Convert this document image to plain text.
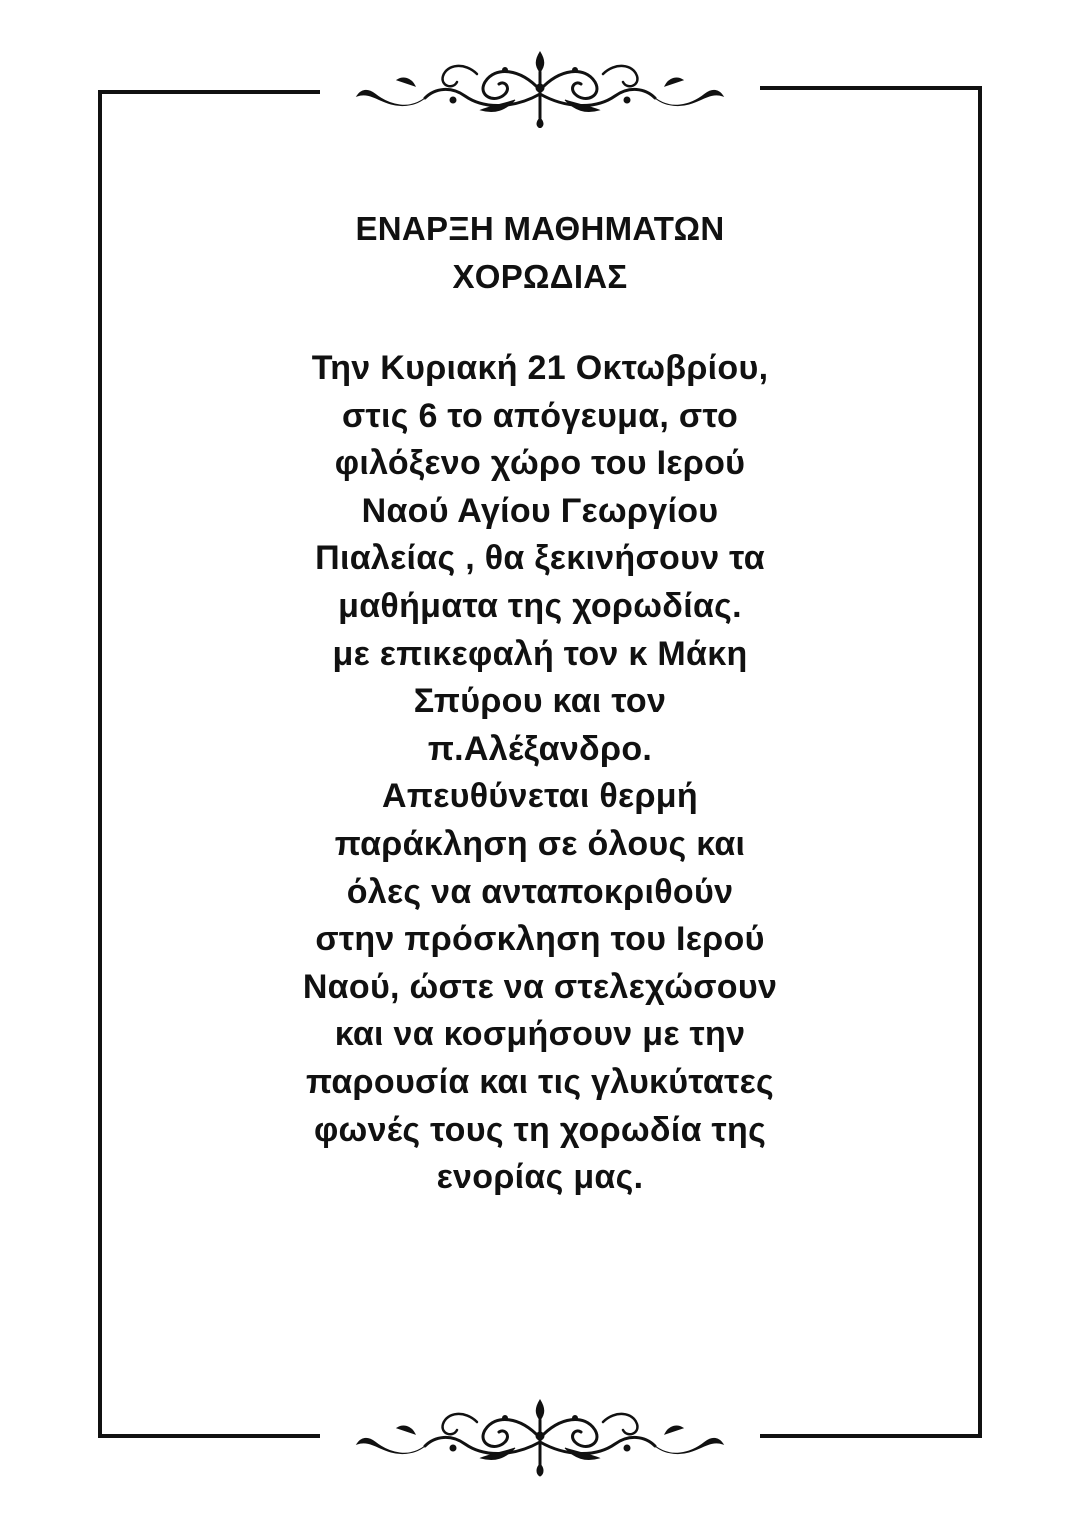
ΕΝΑΡΞΗ ΜΑΘΗΜΑΤΩΝ

ΧΟΡΩΔΙΑΣ

Την Κυριακή 21 Οκτωβρίου,

στις 6 το απόγευμα, στο

φιλόξενο χώρο του Ιερού

Ναού Αγίου Γεωργίου

Πιαλείας , θα ξεκινήσουν τα

μαθήματα της χορωδίας.

με επικεφαλή τον κ Μάκη

Σπύρου και τον

π.Αλέξανδρο.

Απευθύνεται θερμή

παράκληση σε όλους και

όλες να ανταποκριθούν

στην πρόσκληση του Ιερού

Ναού, ώστε να στελεχώσουν

και να κοσμήσουν με την

παρουσία και τις γλυκύτατες

φωνές τους τη χορωδία της

ενορίας μας.
